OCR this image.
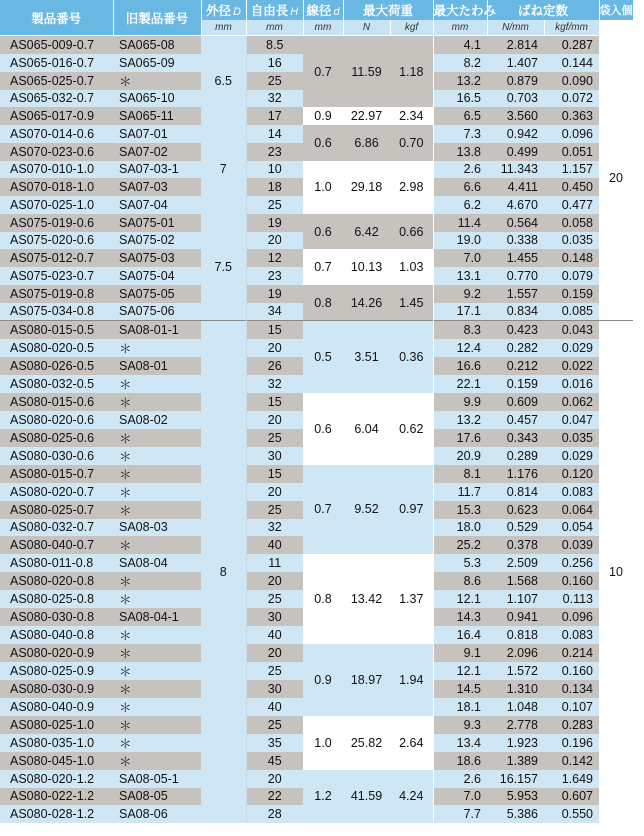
製品番号	旧製品番号	外径 D	自由長 H	線径 d	最大荷重		最大たわみ	ばね定数		袋入個数
		mm	mm	mm	N	kgf	mm	N/mm	kgf/mm	
AS065-009-0.7	SA065-08	6.5	8.5	0.7	11.59	1.18	4.1	2.814	0.287	20
AS065-016-0.7	SA065-09		16				8.2	1.407	0.144	
AS065-025-0.7	＊		25				13.2	0.879	0.090	
AS065-032-0.7	SA065-10		32				16.5	0.703	0.072	
AS065-017-0.9	SA065-11		17	0.9	22.97	2.34	6.5	3.560	0.363	
AS070-014-0.6	SA07-01	7	14	0.6	6.86	0.70	7.3	0.942	0.096	
AS070-023-0.6	SA07-02		23				13.8	0.499	0.051	
AS070-010-1.0	SA07-03-1		10	1.0	29.18	2.98	2.6	11.343	1.157	
AS070-018-1.0	SA07-03		18				6.6	4.411	0.450	
AS070-025-1.0	SA07-04		25				6.2	4.670	0.477	
AS075-019-0.6	SA075-01	7.5	19	0.6	6.42	0.66	11.4	0.564	0.058	
AS075-020-0.6	SA075-02		20				19.0	0.338	0.035	
AS075-012-0.7	SA075-03		12	0.7	10.13	1.03	7.0	1.455	0.148	
AS075-023-0.7	SA075-04		23				13.1	0.770	0.079	
AS075-019-0.8	SA075-05		19	0.8	14.26	1.45	9.2	1.557	0.159	
AS075-034-0.8	SA075-06		34				17.1	0.834	0.085	
AS080-015-0.5	SA08-01-1	8	15	0.5	3.51	0.36	8.3	0.423	0.043	10
AS080-020-0.5	＊		20				12.4	0.282	0.029	
AS080-026-0.5	SA08-01		26				16.6	0.212	0.022	
AS080-032-0.5	＊		32				22.1	0.159	0.016	
AS080-015-0.6	＊		15	0.6	6.04	0.62	9.9	0.609	0.062	
AS080-020-0.6	SA08-02		20				13.2	0.457	0.047	
AS080-025-0.6	＊		25				17.6	0.343	0.035	
AS080-030-0.6	＊		30				20.9	0.289	0.029	
AS080-015-0.7	＊		15	0.7	9.52	0.97	8.1	1.176	0.120	
AS080-020-0.7	＊		20				11.7	0.814	0.083	
AS080-025-0.7	＊		25				15.3	0.623	0.064	
AS080-032-0.7	SA08-03		32				18.0	0.529	0.054	
AS080-040-0.7	＊		40				25.2	0.378	0.039	
AS080-011-0.8	SA08-04		11	0.8	13.42	1.37	5.3	2.509	0.256	
AS080-020-0.8	＊		20				8.6	1.568	0.160	
AS080-025-0.8	＊		25				12.1	1.107	0.113	
AS080-030-0.8	SA08-04-1		30				14.3	0.941	0.096	
AS080-040-0.8	＊		40				16.4	0.818	0.083	
AS080-020-0.9	＊		20	0.9	18.97	1.94	9.1	2.096	0.214	
AS080-025-0.9	＊		25				12.1	1.572	0.160	
AS080-030-0.9	＊		30				14.5	1.310	0.134	
AS080-040-0.9	＊		40				18.1	1.048	0.107	
AS080-025-1.0	＊		25	1.0	25.82	2.64	9.3	2.778	0.283	
AS080-035-1.0	＊		35				13.4	1.923	0.196	
AS080-045-1.0	＊		45				18.6	1.389	0.142	
AS080-020-1.2	SA08-05-1		20	1.2	41.59	4.24	2.6	16.157	1.649	
AS080-022-1.2	SA08-05		22				7.0	5.953	0.607	
AS080-028-1.2	SA08-06		28				7.7	5.386	0.550	
